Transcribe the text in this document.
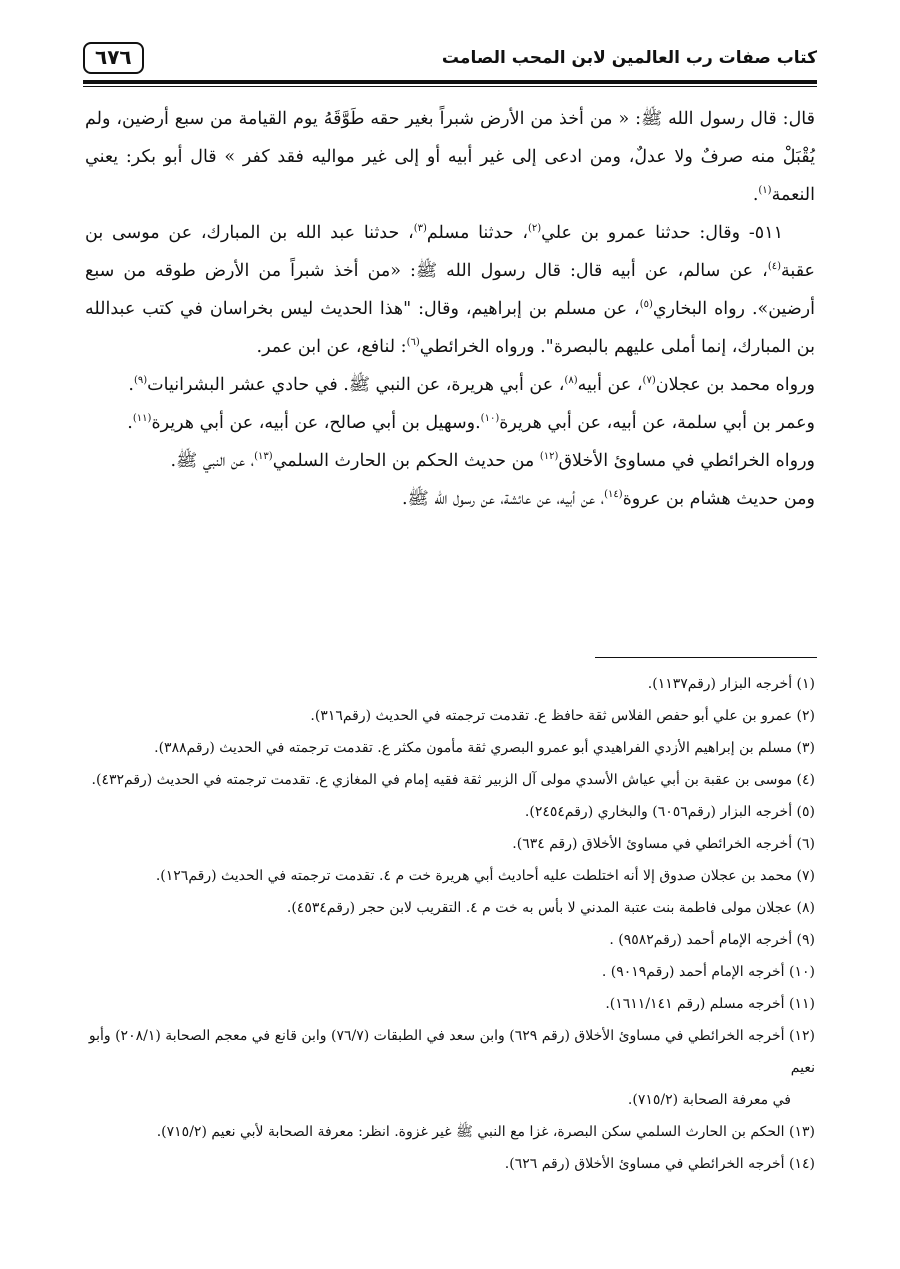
كتاب صفات رب العالمين لابن المحب الصامت
٦٧٦

قال: قال رسول الله ﷺ: « من أخذ من الأرض شبراً بغير حقه طَوَّقَهُ يوم القيامة من سبع أرضين، ولم يُقْبَلْ منه صرفٌ ولا عدلٌ، ومن ادعى إلى غير أبيه أو إلى غير مواليه فقد كفر » قال أبو بكر: يعني النعمة$^{(١)}$.

٥١١- وقال: حدثنا عمرو بن علي$^{(٢)}$، حدثنا مسلم$^{(٣)}$، حدثنا عبد الله بن المبارك، عن موسى بن عقبة$^{(٤)}$، عن سالم، عن أبيه قال: قال رسول الله ﷺ: «من أخذ شبراً من الأرض طوقه من سبع أرضين». رواه البخاري$^{(٥)}$، عن مسلم بن إبراهيم، وقال: "هذا الحديث ليس بخراسان في كتب عبدالله بن المبارك، إنما أملى عليهم بالبصرة". ورواه الخرائطي$^{(٦)}$: لنافع، عن ابن عمر.

ورواه محمد بن عجلان$^{(٧)}$، عن أبيه$^{(٨)}$، عن أبي هريرة، عن النبي ﷺ. في حادي عشر البشرانيات$^{(٩)}$.

وعمر بن أبي سلمة، عن أبيه، عن أبي هريرة$^{(١٠)}$.وسهيل بن أبي صالح، عن أبيه، عن أبي هريرة$^{(١١)}$.

ورواه الخرائطي في مساوئ الأخلاق$^{(١٢)}$ من حديث الحكم بن الحارث السلمي$^{(١٣)}$، عن النبي ﷺ.

ومن حديث هشام بن عروة$^{(١٤)}$، عن أبيه، عن عائشة، عن رسول الله ﷺ.

(١) أخرجه البزار (رقم١١٣٧).

(٢) عمرو بن علي أبو حفص الفلاس ثقة حافظ ع. تقدمت ترجمته في الحديث (رقم٣١٦).

(٣) مسلم بن إبراهيم الأزدي الفراهيدي أبو عمرو البصري ثقة مأمون مكثر ع. تقدمت ترجمته في الحديث (رقم٣٨٨).

(٤) موسى بن عقبة بن أبي عياش الأسدي مولى آل الزبير ثقة فقيه إمام في المغازي ع. تقدمت ترجمته في الحديث (رقم٤٣٢).

(٥) أخرجه البزار (رقم٦٠٥٦) والبخاري (رقم٢٤٥٤).

(٦) أخرجه الخرائطي في مساوئ الأخلاق (رقم ٦٣٤).

(٧) محمد بن عجلان صدوق إلا أنه اختلطت عليه أحاديث أبي هريرة خت م ٤. تقدمت ترجمته في الحديث (رقم١٢٦).

(٨) عجلان مولى فاطمة بنت عتبة المدني لا بأس به خت م ٤. التقريب لابن حجر (رقم٤٥٣٤).

(٩) أخرجه الإمام أحمد (رقم٩٥٨٢) .

(١٠) أخرجه الإمام أحمد (رقم٩٠١٩) .

(١١) أخرجه مسلم (رقم ١٦١١/١٤١).

(١٢) أخرجه الخرائطي في مساوئ الأخلاق (رقم ٦٢٩) وابن سعد في الطبقات (٧٦/٧) وابن قانع في معجم الصحابة (٢٠٨/١) وأبو نعيم

في معرفة الصحابة (٧١٥/٢).

(١٣) الحكم بن الحارث السلمي سكن البصرة، غزا مع النبي ﷺ غير غزوة. انظر: معرفة الصحابة لأبي نعيم (٧١٥/٢).

(١٤) أخرجه الخرائطي في مساوئ الأخلاق (رقم ٦٢٦).
